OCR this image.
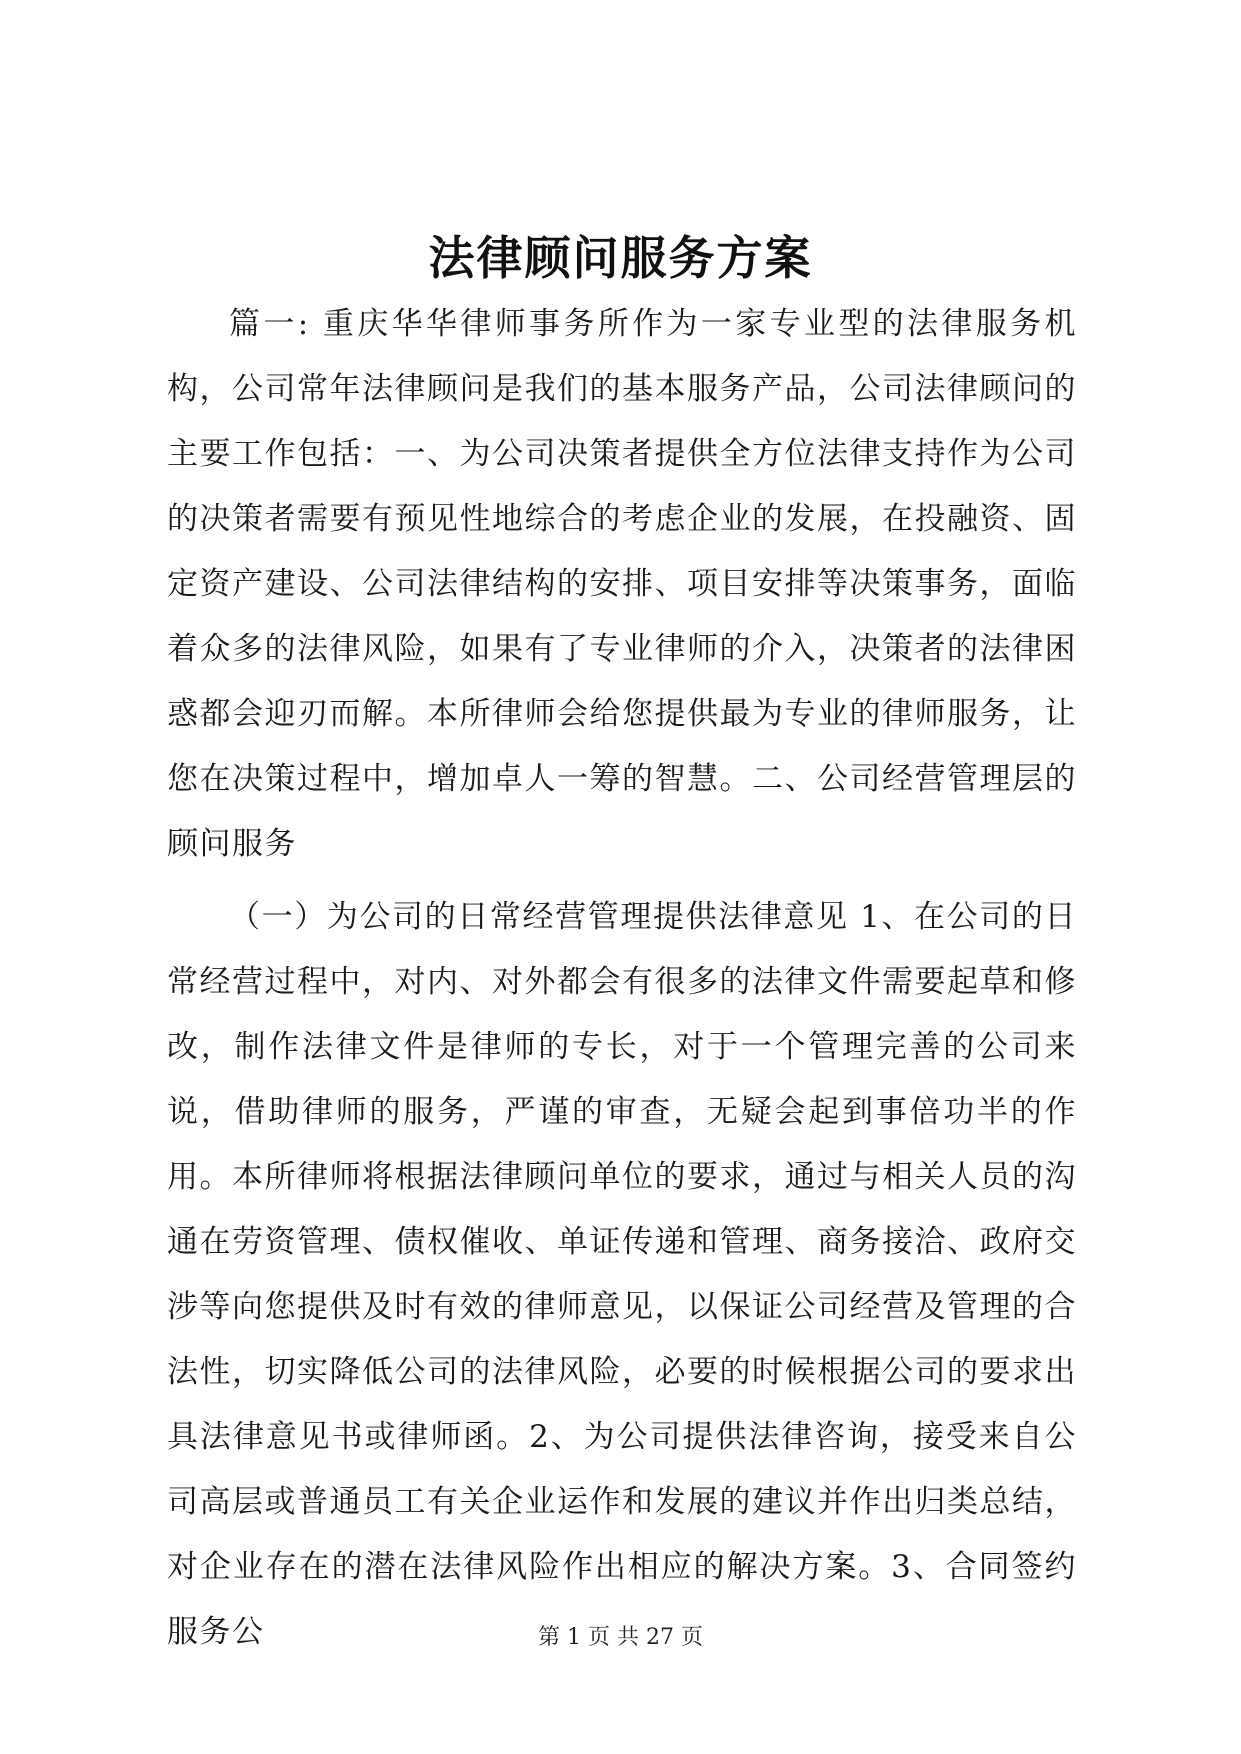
法律顾问服务方案

篇一: 重庆华华律师事务所作为一家专业型的法律服务机构，公司常年法律顾问是我们的基本服务产品，公司法律顾问的主要工作包括：一、为公司决策者提供全方位法律支持作为公司的决策者需要有预见性地综合的考虑企业的发展，在投融资、固定资产建设、公司法律结构的安排、项目安排等决策事务，面临着众多的法律风险，如果有了专业律师的介入，决策者的法律困惑都会迎刃而解。本所律师会给您提供最为专业的律师服务，让您在决策过程中，增加卓人一筹的智慧。二、公司经营管理层的顾问服务

（一）为公司的日常经营管理提供法律意见 1、在公司的日常经营过程中，对内、对外都会有很多的法律文件需要起草和修改，制作法律文件是律师的专长，对于一个管理完善的公司来说，借助律师的服务，严谨的审查，无疑会起到事倍功半的作用。本所律师将根据法律顾问单位的要求，通过与相关人员的沟通在劳资管理、债权催收、单证传递和管理、商务接洽、政府交涉等向您提供及时有效的律师意见，以保证公司经营及管理的合法性，切实降低公司的法律风险，必要的时候根据公司的要求出具法律意见书或律师函。2、为公司提供法律咨询，接受来自公司高层或普通员工有关企业运作和发展的建议并作出归类总结，对企业存在的潜在法律风险作出相应的解决方案。3、合同签约服务公	第 1 页 共 27 页
